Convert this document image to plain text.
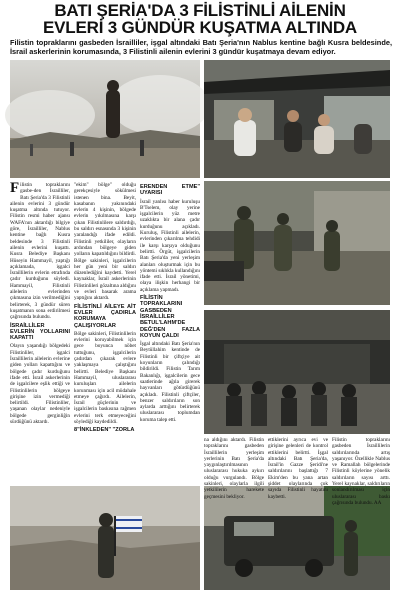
BATI ŞERİA'DA 3 FİLİSTİNLİ AİLENİN
EVLERİ 3 GÜNDÜR KUŞATMA ALTINDA
Filistin topraklarını gasbeden İsrailliler, işgal altındaki Batı Şeria'nın Nablus kentine bağlı Kusra beldesinde, İsrail askerlerinin korumasında, 3 Filistinli ailenin evlerini 3 gündür kuşatmaya devam ediyor.

Filistin topraklarını gasbe-den İsrailliler, Batı Şeria'da 3 Filistinli ailenin evlerini 3 gündür kuşatma altında tutuyor. Filistin resmi haber ajansı WAFA'nın aktardığı bilgiye göre, İsrailliler, Nablus kentine bağlı Kusra beldesinde 3 Filistinli ailenin evlerini kuşattı. Kusra Belediye Başkanı Hüseyin Hammayil, yaptığı açıklamada, işgalci İsraillilerin evlerin etrafında çadır kurduğunu söyledi. Hammayil, Filistinli ailelerin evlerinden çıkmasına izin verilmediğini belirterek, 3 gündür süren kuşatmanın sona erdirilmesi çağrısında bulundu.

İSRAİLLİLER EVLERİN YOLLARINI KAPATTI

Olayın yaşandığı bölgedeki Filistinliler, işgalci İsraillilerin ailelerin evlerine giden yolları kapattığını ve bölgede çadır kurduğunu ifade etti. İsrail askerlerinin de işgalcilere eşlik ettiği ve Filistinlilerin bölgeye girişine izin vermediği belirtildi. Filistinliler, yaşanan olaylar nedeniyle bölgede gerginliğin sürdüğünü aktardı.

"ekim" bölge" olduğu gerekçesiyle sökülmesi istenen bina. Beyit, kasabanın yakınındaki evlerin 4 kişinin, bölgede evlerin yıkılmasına karşı çıkan Filistinlilere saldırdığı, bu saldırı esnasında 3 kişinin yaralandığı ifade edildi. Filistinli yetkililer, olayların ardından bölgeye giden yolların kapatıldığını bildirdi. Bölge sakinleri, işgalcilerin her gün yeni bir saldırı düzenlediğini kaydetti. Yerel kaynaklar, İsrail askerlerinin Filistinlileri gözaltına aldığını ve evleri basarak arama yaptığını aktardı.

FİLİSTİNLİ AİLEYE AİT EVLER ÇADIRLA KORUMAYA ÇALIŞIYORLAR

Bölge sakinleri, Filistinlilerin evlerini koruyabilmek için gece boyunca nöbet tuttuğunu, işgalcilerin çadırdan çıkarak evlere yaklaşmaya çalıştığını belirtti. Belediye Başkanı Hammayil, uluslararası kuruluşları ailelerin korunması için acil müdahale etmeye çağırdı. Ailelerin, İsrail güçlerinin ve işgalcilerin baskısına rağmen evlerini terk etmeyeceğini söylediği kaydedildi.

8"İNKLEDEN" "ZORLA
ERENDEN ETME" UYARISI

İsrail yanlısı haber kuruluşu B'Tselem, olay yerine işgalcilerin yüz metre uzaklıkta bir alana çadır kurduğunu açıkladı. Kuruluş, Filistinli ailelerin, evlerinden çıkarılma tehdidi ile karşı karşıya olduğunu belirtti. Örgüt, işgalcilerin Batı Şeria'da yeni yerleşim alanları oluşturmak için bu yöntemi sıklıkla kullandığını ifade etti. İsrail yönetimi, olaya ilişkin herhangi bir açıklama yapmadı.

FİLİSTİN TOPRAKLARINI GASBEDEN İSRAİLLİLER BETUL'LAHM'DE DEĞ'DEN FAZLA KOYUN ÇALDI

İşgal altındaki Batı Şeria'nın Beytüllahim kentinde de Filistinli bir çiftçiye ait koyunların çalındığı bildirildi. Filistin Tarım Bakanlığı, işgalcilerin gece saatlerinde ağıla girerek hayvanları götürdüğünü açıkladı. Filistinli çiftçiler, benzer saldırıların son aylarda arttığını belirterek uluslararası toplumdan koruma talep etti.

na aldığını aktardı. Filistin topraklarını gasbeden İsraillilerin yerleşim yerlerinin Batı Şeria'da yaygınlaştırılmasının uluslararası hukuka aykırı olduğu vurgulandı. Bölge sakinleri, olaylarla ilgili yetkililerin harekete geçmesini bekliyor.
ettiklerini ayrıca evi ve girişine gelenleri de kontrol ettiklerini belirtti. İşgal altındaki Batı Şeria'da, İsrail'in Gazze Şeridi'ne saldırılarını başlattığı 7 Ekim'den bu yana artan şiddet olaylarında çok sayıda Filistinli hayatını kaybetti.
Filistin topraklarını gasbeden İsraillilerin saldırılarında artış yaşanıyor. Özellikle Nablus ve Ramallah bölgelerinde Filistinli köylerine yönelik saldırıların sayısı arttı. Yerel kaynaklar, saldırıların sonlandırılması için uluslararası baskı çağrısında bulundu. AA
